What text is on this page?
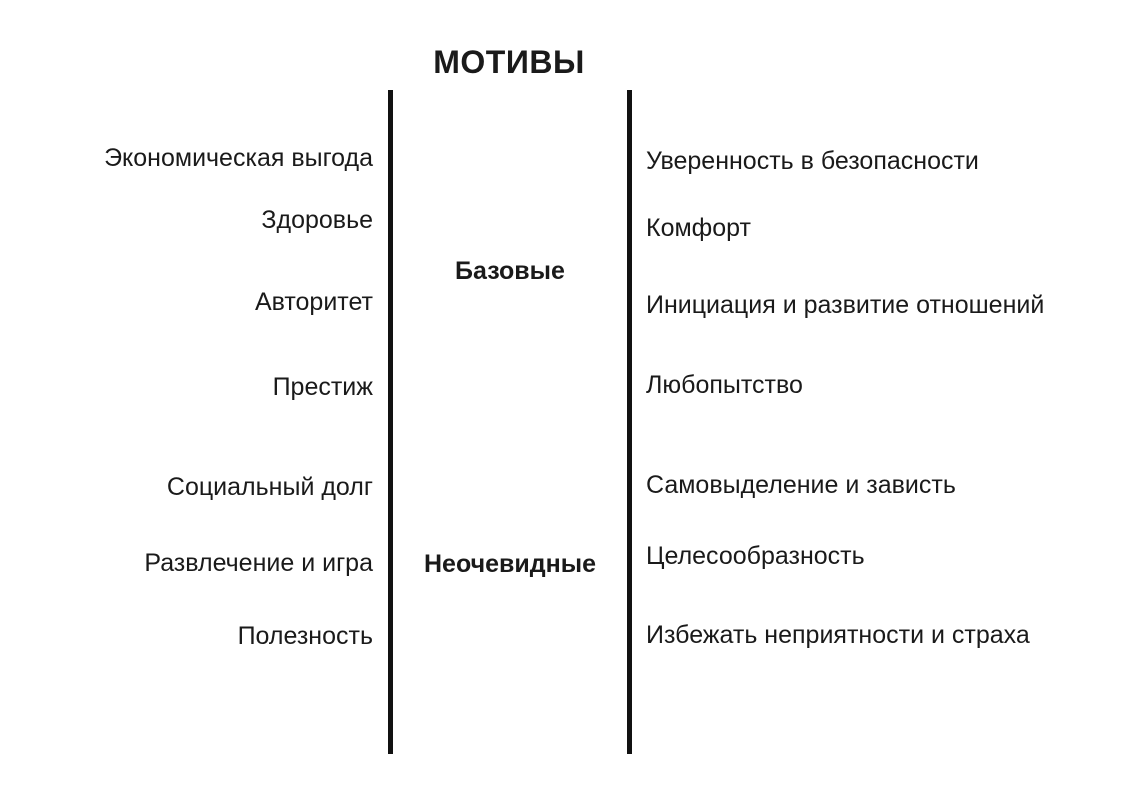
МОТИВЫ
Базовые
Неочевидные
Экономическая выгода
Здоровье
Авторитет
Престиж
Социальный долг
Развлечение и игра
Полезность
Уверенность в безопасности
Комфорт
Инициация и развитие отношений
Любопытство
Самовыделение и зависть
Целесообразность
Избежать неприятности и страха
